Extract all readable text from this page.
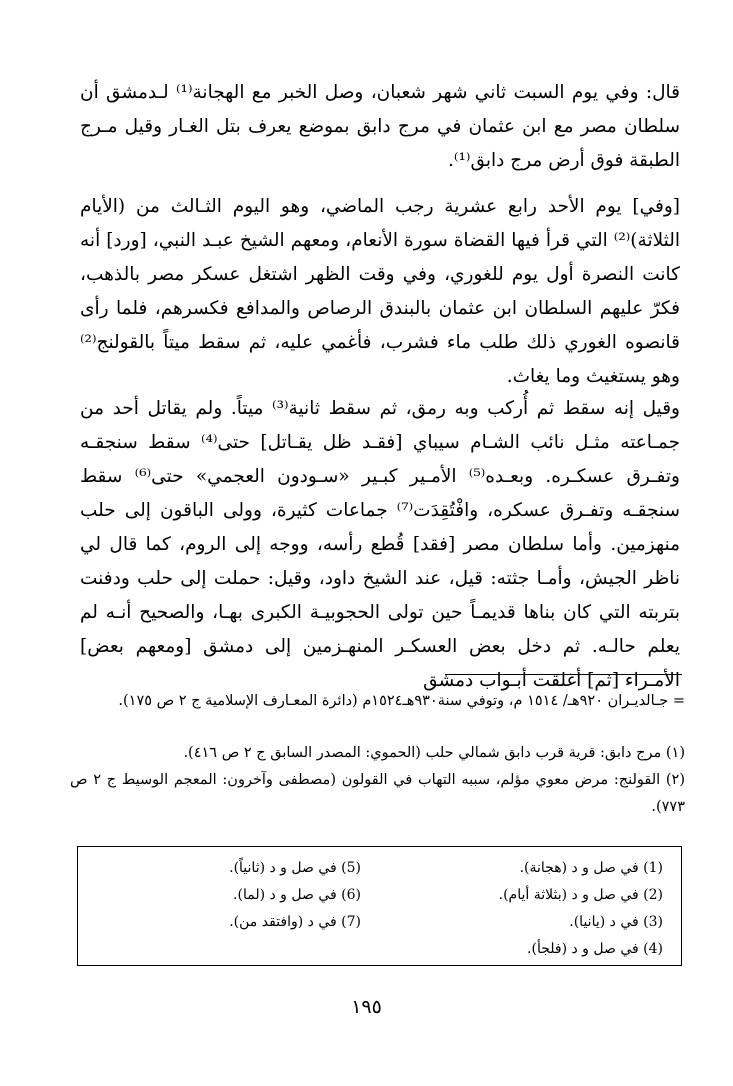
قال: وفي يوم السبت ثاني شهر شعبان، وصل الخبر مع الهجانة⁽¹⁾ لـدمشق أن سلطان مصر مع ابن عثمان في مرج دابق بموضع يعرف بتل الغـار وقيل مـرج الطبقة فوق أرض مرج دابق⁽¹⁾.

[وفي] يوم الأحد رابع عشرية رجب الماضي، وهو اليوم الثـالث من (الأيام الثلاثة)⁽²⁾ التي قرأ فيها القضاة سورة الأنعام، ومعهم الشيخ عبـد النبي، [ورد] أنه كانت النصرة أول يوم للغوري، وفي وقت الظهر اشتغل عسكر مصر بالذهب، فكرّ عليهم السلطان ابن عثمان بالبندق الرصاص والمدافع فكسرهم، فلما رأى قانصوه الغوري ذلك طلب ماء فشرب، فأغمي عليه، ثم سقط ميتاً بالقولنج⁽²⁾ وهو يستغيث وما يغاث.

وقيل إنه سقط ثم أُركب وبه رمق، ثم سقط ثانية⁽³⁾ ميتاً. ولم يقاتل أحد من جمـاعته مثـل نائب الشـام سيباي [فقـد ظل يقـاتل] حتى⁽⁴⁾ سقط سنجقـه وتفـرق عسكـره. وبعـده⁽⁵⁾ الأمـير كبـير «سـودون العجمي» حتى⁽⁶⁾ سقط سنجقـه وتفـرق عسكره، وافْتُقِدَت⁽⁷⁾ جماعات كثيرة، وولى الباقون إلى حلب منهزمين. وأما سلطان مصر [فقد] قُطع رأسه، ووجه إلى الروم، كما قال لي ناظر الجيش، وأمـا جثته: قيل، عند الشيخ داود، وقيل: حملت إلى حلب ودفنت بتربته التي كان بناها قديمـاً حين تولى الحجوبيـة الكبرى بهـا، والصحيح أنـه لم يعلم حالـه. ثم دخل بعض العسكـر المنهـزمين إلى دمشق [ومعهم بعض] الأمـراء [ثم] أغلقت أبـواب دمشق

= جـالديـران ٩٢٠هـ/ ١٥١٤ م، وتوفي سنة٩٣٠هـ١٥٢٤م (دائرة المعـارف الإسلامية ج ٢ ص ١٧٥).

(١) مرج دابق: قرية قرب دابق شمالي حلب (الحموي: المصدر السابق ج ٢ ص ٤١٦).

(٢) القولنج: مرض معوي مؤلم، سببه التهاب في القولون (مصطفى وآخرون: المعجم الوسيط ج ٢ ص ٧٧٣).

(1) في صل و د (هجانة).
(2) في صل و د (بثلاثة أيام).
(3) في د (يانيا).
(4) في صل و د (فلجأ).
(5) في صل و د (ثانياً).
(6) في صل و د (لما).
(7) في د (وافتقد من).
١٩٥
